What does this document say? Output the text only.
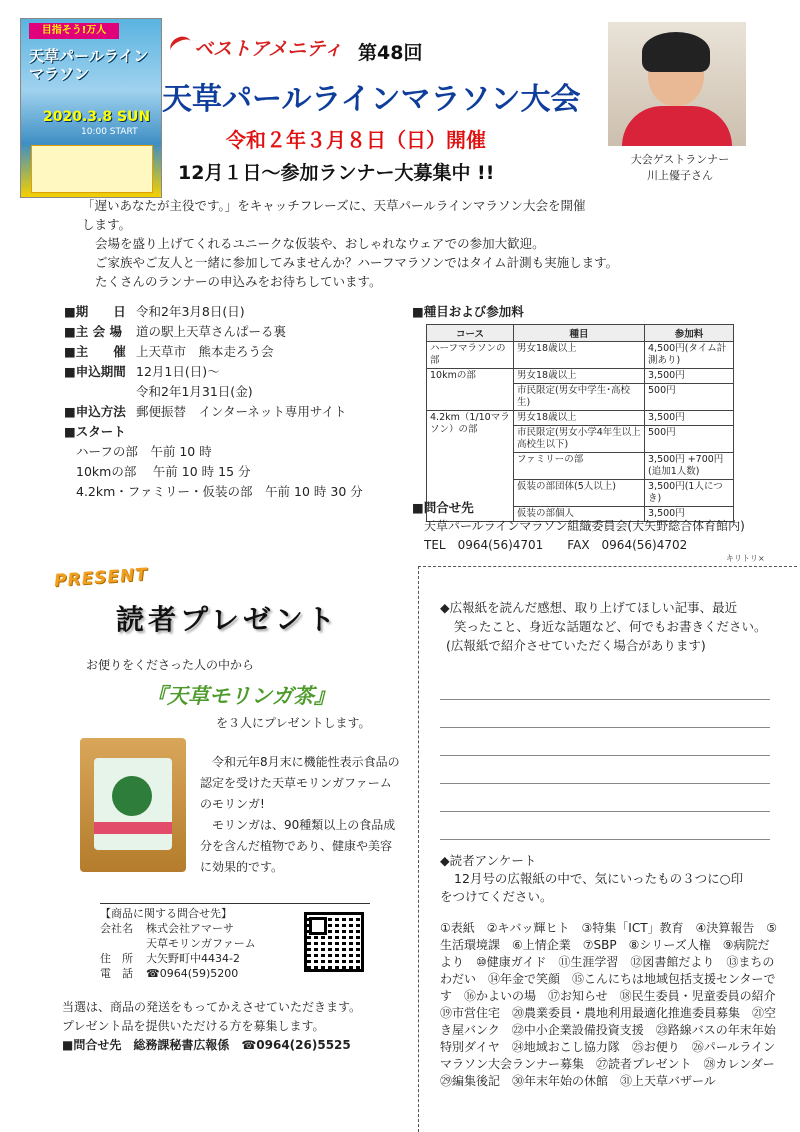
目指そう!万人
天草パールライン マラソン
2020.3.8 SUN
10:00 START
ベストアメニティ 第48回
天草パールラインマラソン大会
令和２年３月８日（日）開催
12月１日～参加ランナー大募集中 !!
大会ゲストランナー
川上優子さん

「遅いあなたが主役です。」をキャッチフレーズに、天草パールラインマラソン大会を開催

します。

会場を盛り上げてくれるユニークな仮装や、おしゃれなウェアでの参加大歓迎。

ご家族やご友人と一緒に参加してみませんか？ハーフマラソンではタイム計測も実施します。

たくさんのランナーの申込みをお待ちしています。

■期　　日 令和2年3月8日(日)
■主 会 場	道の駅上天草さんぱーる裏
■主　　催 上天草市　熊本走ろう会
■申込期間 12月1日(日)～
令和2年1月31日(金)
■申込方法 郵便振替　インターネット専用サイト
■スタート
ハーフの部　午前 10 時
10kmの部　 午前 10 時 15 分
4.2km・ファミリー・仮装の部　午前 10 時 30 分
■種目および参加料
コース	種目	参加料
ハーフマラソンの部	男女18歳以上	4,500円(タイム計測あり)
10kmの部	男女18歳以上	3,500円
	市民限定(男女中学生･高校生)	500円
4.2km（1/10マラソン）の部	男女18歳以上	3,500円
	市民限定(男女小学4年生以上高校生以下)	500円
	ファミリーの部	3,500円 +700円(追加1人数)
	仮装の部団体(5人以上)	3,500円(1人につき)
	仮装の部個人	3,500円
■問合せ先
天草パールラインマラソン組織委員会(大矢野総合体育館内)
TEL　0964(56)4701　　FAX　0964(56)4702
キリトリ×
PRESENT
読者プレゼント
お便りをくださった人の中から
『天草モリンガ茶』
を３人にプレゼントします。

令和元年8月末に機能性表示食品の認定を受けた天草モリンガファームのモリンガ!

モリンガは、90種類以上の食品成分を含んだ植物であり、健康や美容に効果的です。

【商品に関する問合せ先】
会社名	株式会社アマーサ
天草モリンガファーム
住　所	大矢野町中4434-2
電　話	☎0964(59)5200

当選は、商品の発送をもってかえさせていただきます。

プレゼント品を提供いただける方を募集します。

■問合せ先　総務課秘書広報係　☎0964(26)5525

◆広報紙を読んだ感想、取り上げてほしい記事、最近

笑ったこと、身近な話題など、何でもお書きください。

(広報紙で紹介させていただく場合があります)

◆読者アンケート

12月号の広報紙の中で、気にいったもの３つに○印

をつけてください。

①表紙　②キバッ輝ヒト　③特集「ICT」教育　④決算報告　⑤生活環境課　⑥上情企業　⑦SBP　⑧シリーズ人権　⑨病院だより　⑩健康ガイド　⑪生涯学習　⑫図書館だより　⑬まちのわだい　⑭年金で笑顔　⑮こんにちは地域包括支援センターです　⑯かよいの場　⑰お知らせ　⑱民生委員・児童委員の紹介　⑲市営住宅　⑳農業委員・農地利用最適化推進委員募集　㉑空き屋バンク　㉒中小企業設備投資支援　㉓路線バスの年末年始特別ダイヤ　㉔地域おこし協力隊　㉕お便り　㉖パールラインマラソン大会ランナー募集　㉗読者プレゼント　㉘カレンダー　㉙編集後記　㉚年末年始の休館　㉛上天草バザール
